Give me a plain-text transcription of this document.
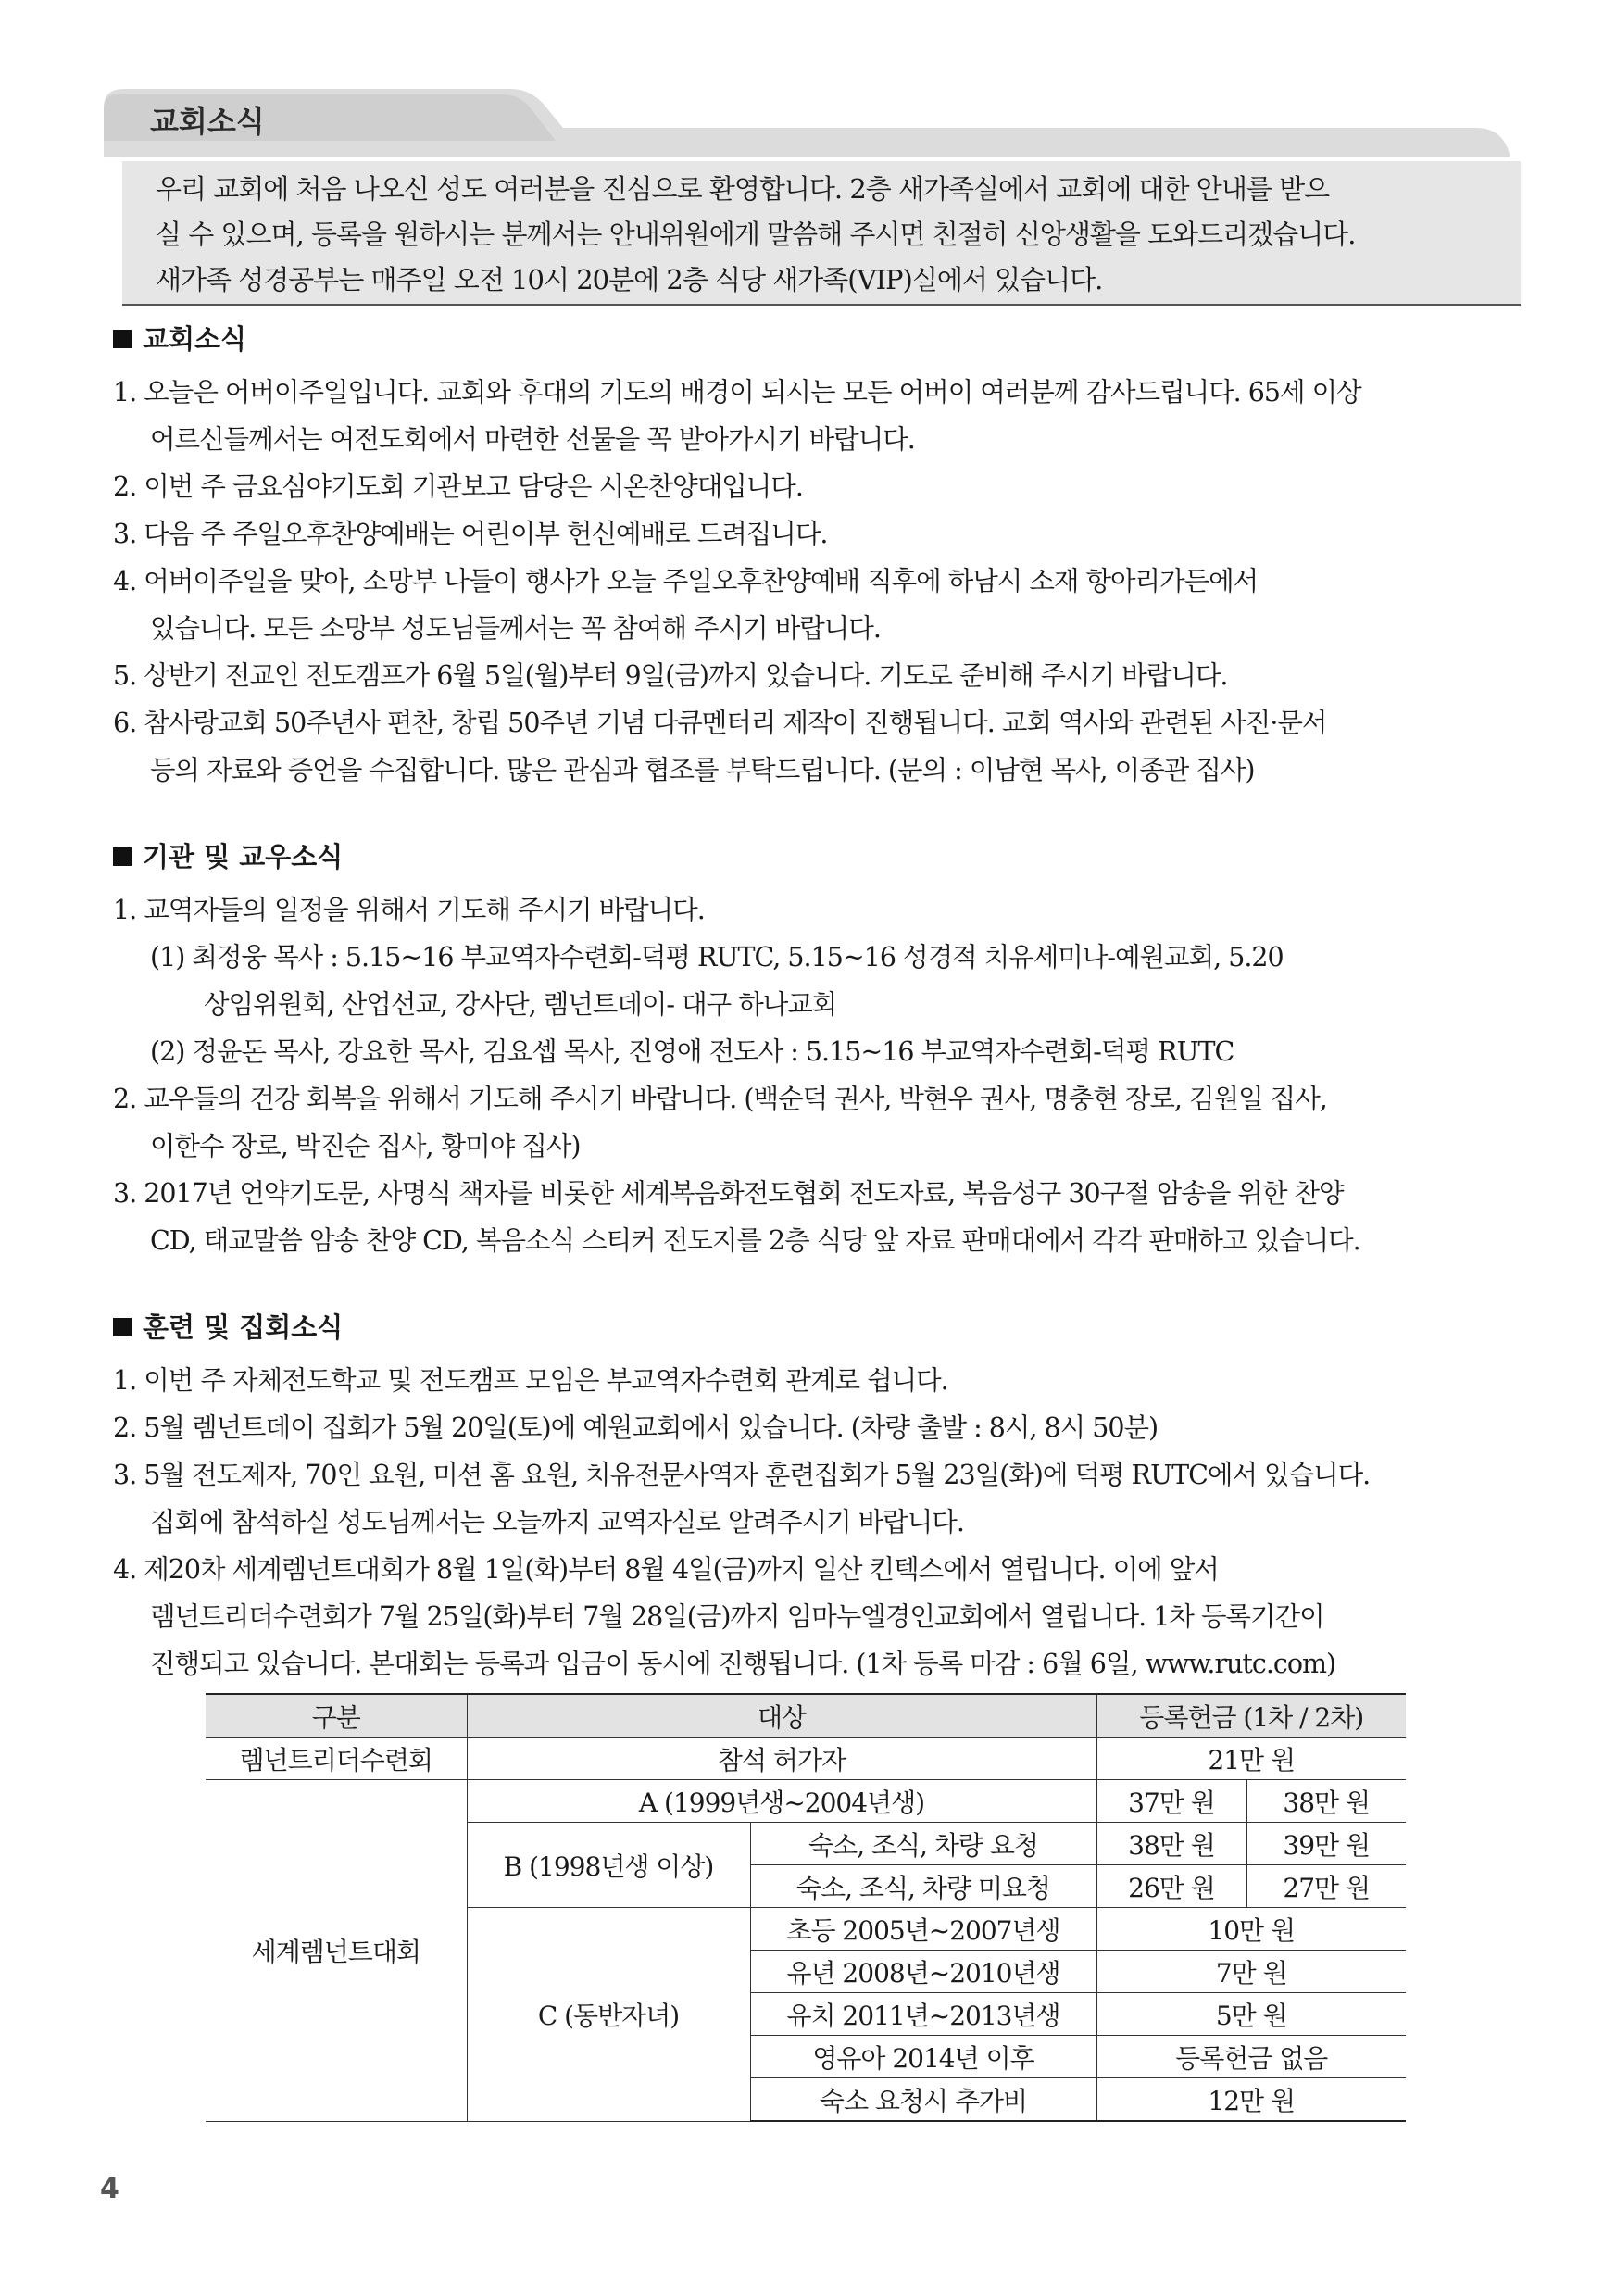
교회소식

우리 교회에 처음 나오신 성도 여러분을 진심으로 환영합니다. 2층 새가족실에서 교회에 대한 안내를 받으

실 수 있으며, 등록을 원하시는 분께서는 안내위원에게 말씀해 주시면 친절히 신앙생활을 도와드리겠습니다.

새가족 성경공부는 매주일 오전 10시 20분에 2층 식당 새가족(VIP)실에서 있습니다.

교회소식
1. 오늘은 어버이주일입니다. 교회와 후대의 기도의 배경이 되시는 모든 어버이 여러분께 감사드립니다. 65세 이상
어르신들께서는 여전도회에서 마련한 선물을 꼭 받아가시기 바랍니다.
2. 이번 주 금요심야기도회 기관보고 담당은 시온찬양대입니다.
3. 다음 주 주일오후찬양예배는 어린이부 헌신예배로 드려집니다.
4. 어버이주일을 맞아, 소망부 나들이 행사가 오늘 주일오후찬양예배 직후에 하남시 소재 항아리가든에서
있습니다. 모든 소망부 성도님들께서는 꼭 참여해 주시기 바랍니다.
5. 상반기 전교인 전도캠프가 6월 5일(월)부터 9일(금)까지 있습니다. 기도로 준비해 주시기 바랍니다.
6. 참사랑교회 50주년사 편찬, 창립 50주년 기념 다큐멘터리 제작이 진행됩니다. 교회 역사와 관련된 사진·문서
등의 자료와 증언을 수집합니다. 많은 관심과 협조를 부탁드립니다. (문의 : 이남현 목사, 이종관 집사)
기관 및 교우소식
1. 교역자들의 일정을 위해서 기도해 주시기 바랍니다.
(1) 최정웅 목사 : 5.15~16 부교역자수련회-덕평 RUTC, 5.15~16 성경적 치유세미나-예원교회, 5.20
상임위원회, 산업선교, 강사단, 렘넌트데이- 대구 하나교회
(2) 정윤돈 목사, 강요한 목사, 김요셉 목사, 진영애 전도사 : 5.15~16 부교역자수련회-덕평 RUTC
2. 교우들의 건강 회복을 위해서 기도해 주시기 바랍니다. (백순덕 권사, 박현우 권사, 명충현 장로, 김원일 집사,
이한수 장로, 박진순 집사, 황미야 집사)
3. 2017년 언약기도문, 사명식 책자를 비롯한 세계복음화전도협회 전도자료, 복음성구 30구절 암송을 위한 찬양
CD, 태교말씀 암송 찬양 CD, 복음소식 스티커 전도지를 2층 식당 앞 자료 판매대에서 각각 판매하고 있습니다.
훈련 및 집회소식
1. 이번 주 자체전도학교 및 전도캠프 모임은 부교역자수련회 관계로 쉽니다.
2. 5월 렘넌트데이 집회가 5월 20일(토)에 예원교회에서 있습니다. (차량 출발 : 8시, 8시 50분)
3. 5월 전도제자, 70인 요원, 미션 홈 요원, 치유전문사역자 훈련집회가 5월 23일(화)에 덕평 RUTC에서 있습니다.
집회에 참석하실 성도님께서는 오늘까지 교역자실로 알려주시기 바랍니다.
4. 제20차 세계렘넌트대회가 8월 1일(화)부터 8월 4일(금)까지 일산 킨텍스에서 열립니다. 이에 앞서
렘넌트리더수련회가 7월 25일(화)부터 7월 28일(금)까지 임마누엘경인교회에서 열립니다. 1차 등록기간이
진행되고 있습니다. 본대회는 등록과 입금이 동시에 진행됩니다. (1차 등록 마감 : 6월 6일, www.rutc.com)
구분	대상		등록헌금 (1차 / 2차)	
렘넌트리더수련회	참석 허가자		21만 원	
세계렘넌트대회	A (1999년생~2004년생)		37만 원	38만 원
	B (1998년생 이상)	숙소, 조식, 차량 요청	38만 원	39만 원
		숙소, 조식, 차량 미요청	26만 원	27만 원
	C (동반자녀)	초등 2005년~2007년생	10만 원	
		유년 2008년~2010년생	7만 원	
		유치 2011년~2013년생	5만 원	
		영유아 2014년 이후	등록헌금 없음	
		숙소 요청시 추가비	12만 원	
4
